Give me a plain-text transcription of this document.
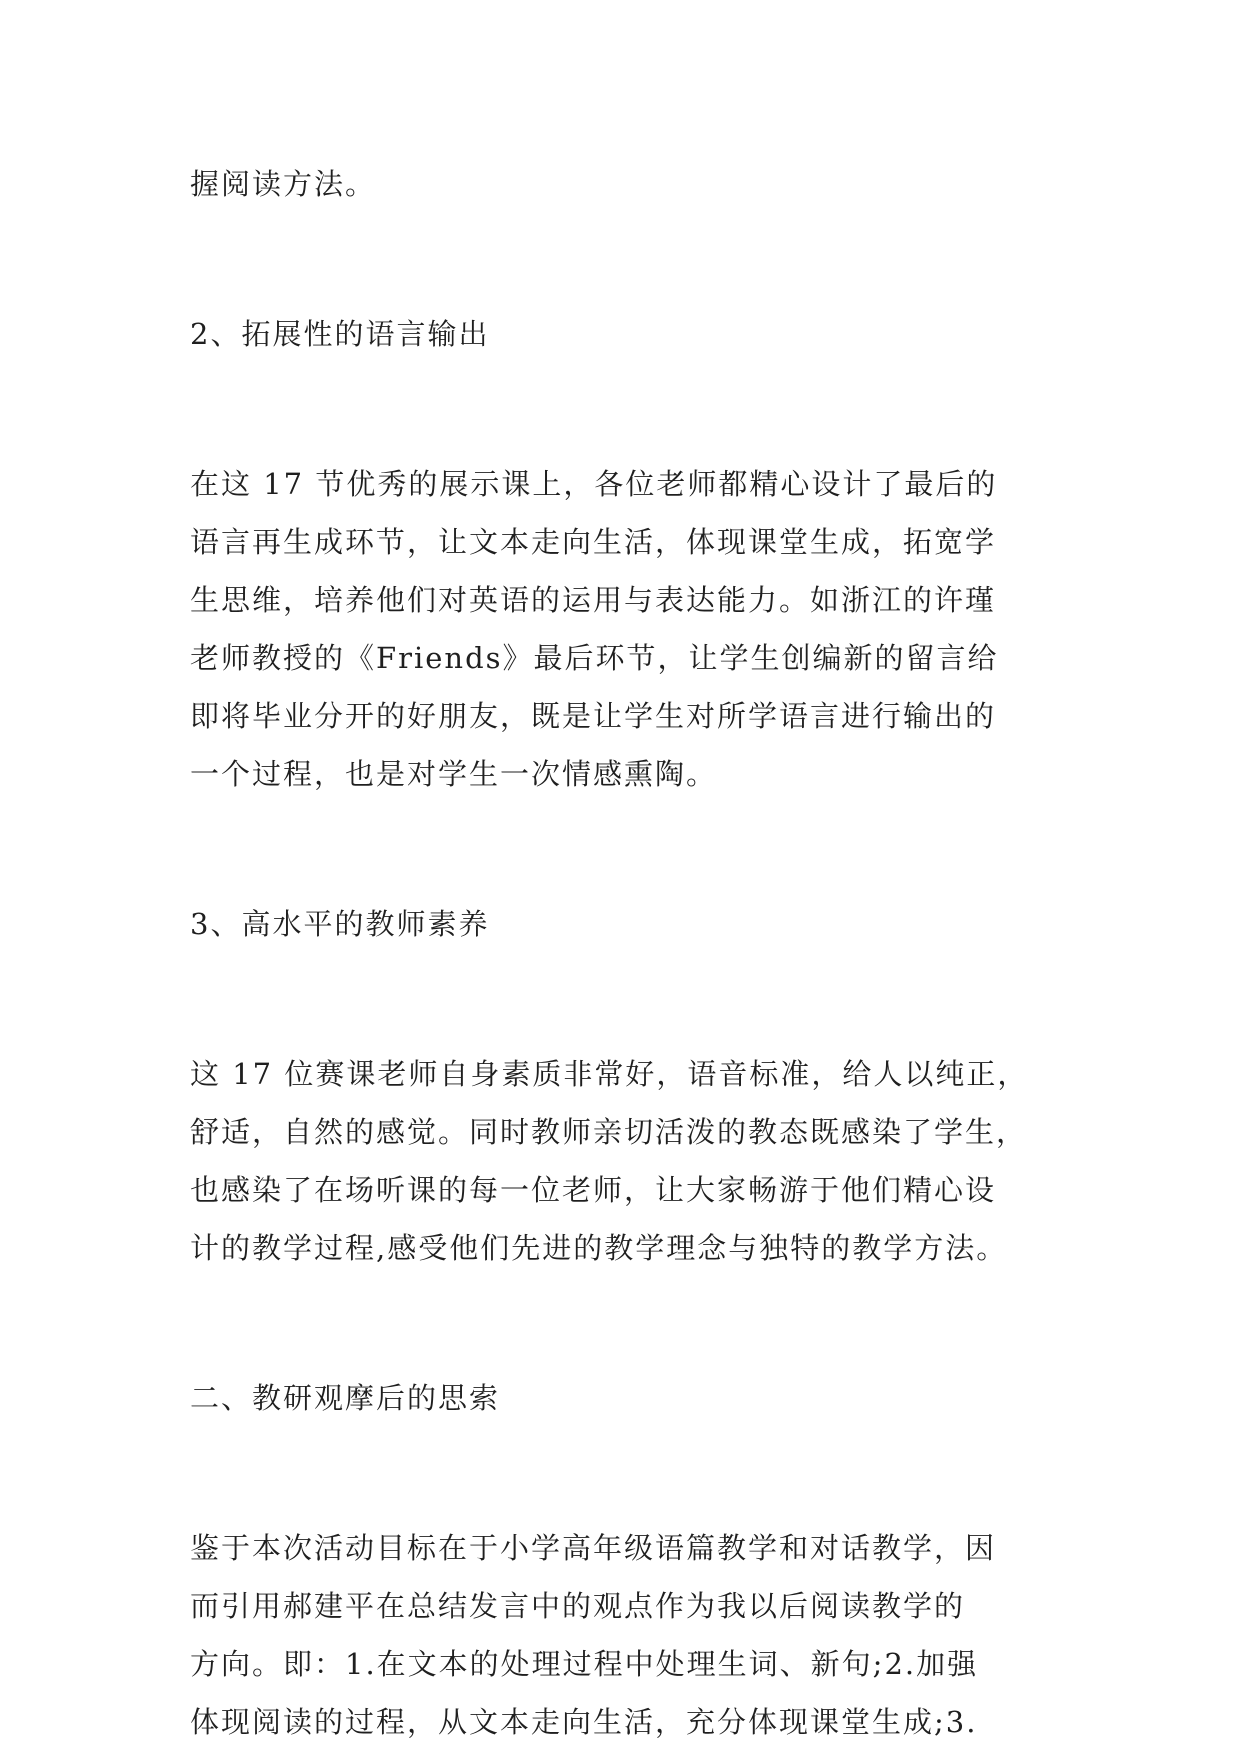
握阅读方法。
2、拓展性的语言输出
在这 17 节优秀的展示课上，各位老师都精心设计了最后的
语言再生成环节，让文本走向生活，体现课堂生成，拓宽学
生思维，培养他们对英语的运用与表达能力。如浙江的许瑾
老师教授的《Friends》最后环节，让学生创编新的留言给
即将毕业分开的好朋友，既是让学生对所学语言进行输出的
一个过程，也是对学生一次情感熏陶。
3、高水平的教师素养
这 17 位赛课老师自身素质非常好，语音标准，给人以纯正，
舒适，自然的感觉。同时教师亲切活泼的教态既感染了学生，
也感染了在场听课的每一位老师，让大家畅游于他们精心设
计的教学过程,感受他们先进的教学理念与独特的教学方法。
二、教研观摩后的思索
鉴于本次活动目标在于小学高年级语篇教学和对话教学，因
而引用郝建平在总结发言中的观点作为我以后阅读教学的
方向。即：1.在文本的处理过程中处理生词、新句;2.加强
体现阅读的过程，从文本走向生活，充分体现课堂生成;3.
